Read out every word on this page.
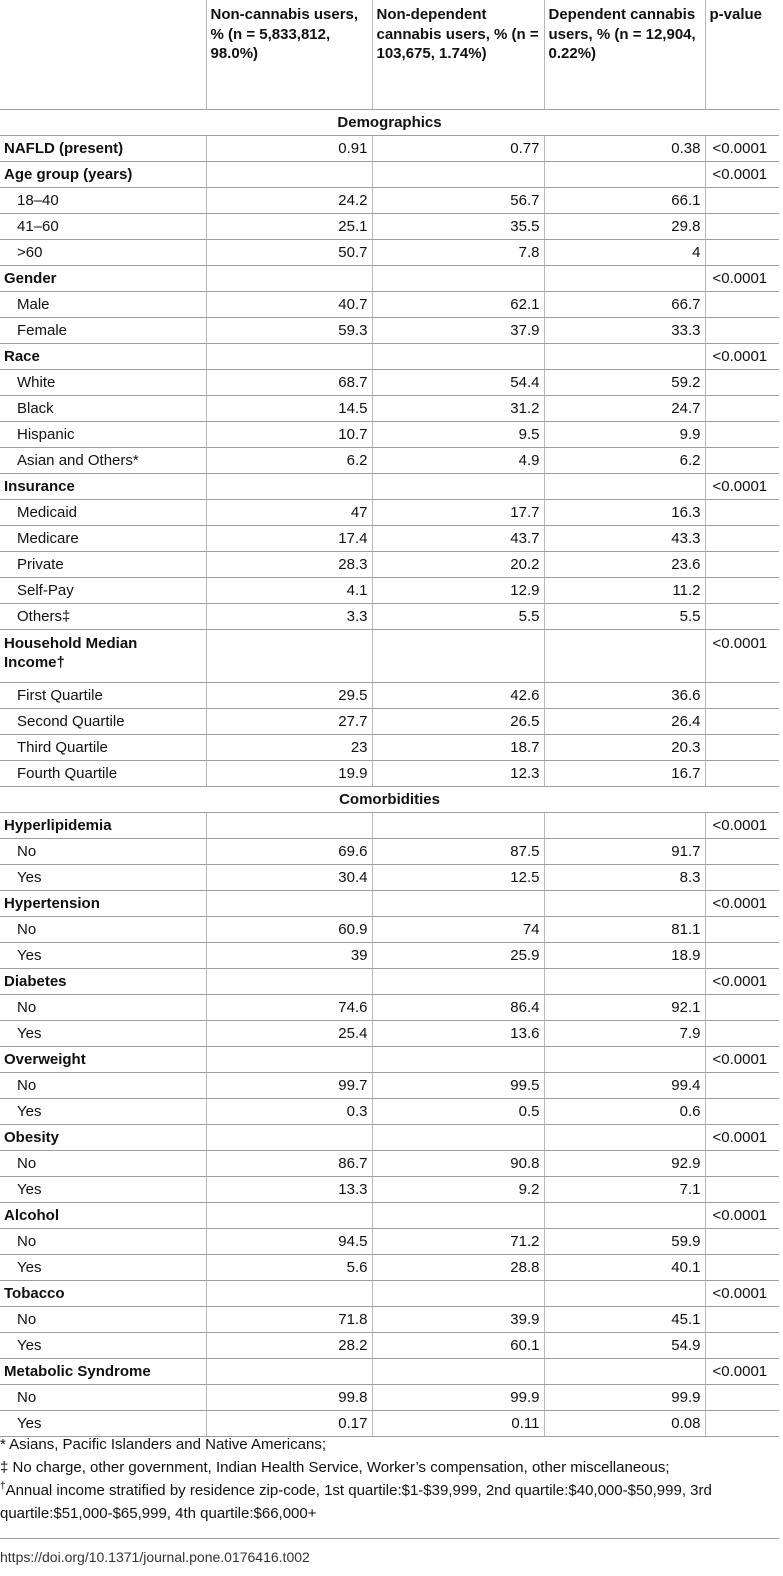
	Non-cannabis users, % (n = 5,833,812, 98.0%)	Non-dependent cannabis users, % (n = 103,675, 1.74%)	Dependent cannabis users, % (n = 12,904, 0.22%)	p-value
Demographics				
NAFLD (present)	0.91	0.77	0.38	<0.0001
Age group (years)				<0.0001
18–40	24.2	56.7	66.1	
41–60	25.1	35.5	29.8	
>60	50.7	7.8	4	
Gender				<0.0001
Male	40.7	62.1	66.7	
Female	59.3	37.9	33.3	
Race				<0.0001
White	68.7	54.4	59.2	
Black	14.5	31.2	24.7	
Hispanic	10.7	9.5	9.9	
Asian and Others*	6.2	4.9	6.2	
Insurance				<0.0001
Medicaid	47	17.7	16.3	
Medicare	17.4	43.7	43.3	
Private	28.3	20.2	23.6	
Self-Pay	4.1	12.9	11.2	
Others‡	3.3	5.5	5.5	
Household Median Income†				<0.0001
First Quartile	29.5	42.6	36.6	
Second Quartile	27.7	26.5	26.4	
Third Quartile	23	18.7	20.3	
Fourth Quartile	19.9	12.3	16.7	
Comorbidities				
Hyperlipidemia				<0.0001
No	69.6	87.5	91.7	
Yes	30.4	12.5	8.3	
Hypertension				<0.0001
No	60.9	74	81.1	
Yes	39	25.9	18.9	
Diabetes				<0.0001
No	74.6	86.4	92.1	
Yes	25.4	13.6	7.9	
Overweight				<0.0001
No	99.7	99.5	99.4	
Yes	0.3	0.5	0.6	
Obesity				<0.0001
No	86.7	90.8	92.9	
Yes	13.3	9.2	7.1	
Alcohol				<0.0001
No	94.5	71.2	59.9	
Yes	5.6	28.8	40.1	
Tobacco				<0.0001
No	71.8	39.9	45.1	
Yes	28.2	60.1	54.9	
Metabolic Syndrome				<0.0001
No	99.8	99.9	99.9	
Yes	0.17	0.11	0.08	

* Asians, Pacific Islanders and Native Americans;

‡ No charge, other government, Indian Health Service, Worker’s compensation, other miscellaneous;

†Annual income stratified by residence zip-code, 1st quartile:$1-$39,999, 2nd quartile:$40,000-$50,999, 3rd quartile:$51,000-$65,999, 4th quartile:$66,000+

https://doi.org/10.1371/journal.pone.0176416.t002
